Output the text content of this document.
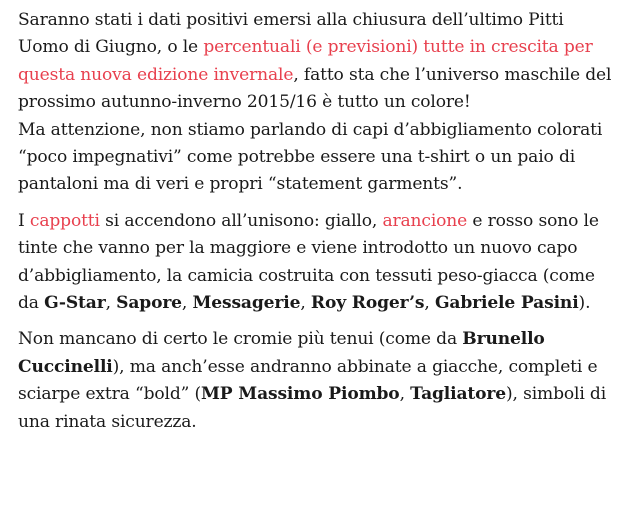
Saranno stati i dati positivi emersi alla chiusura dell’ultimo Pitti Uomo di Giugno, o le percentuali (e previsioni) tutte in crescita per questa nuova edizione invernale, fatto sta che l’universo maschile del prossimo autunno-inverno 2015/16 è tutto un colore!
Ma attenzione, non stiamo parlando di capi d’abbigliamento colorati “poco impegnativi” come potrebbe essere una t-shirt o un paio di pantaloni ma di veri e propri “statement garments”.

I cappotti si accendono all’unisono: giallo, arancione e rosso sono le tinte che vanno per la maggiore e viene introdotto un nuovo capo d’abbigliamento, la camicia costruita con tessuti peso-giacca (come da G-Star, Sapore, Messagerie, Roy Roger’s, Gabriele Pasini).

Non mancano di certo le cromie più tenui (come da Brunello Cuccinelli), ma anch’esse andranno abbinate a giacche, completi e sciarpe extra “bold” (MP Massimo Piombo, Tagliatore), simboli di una rinata sicurezza.
